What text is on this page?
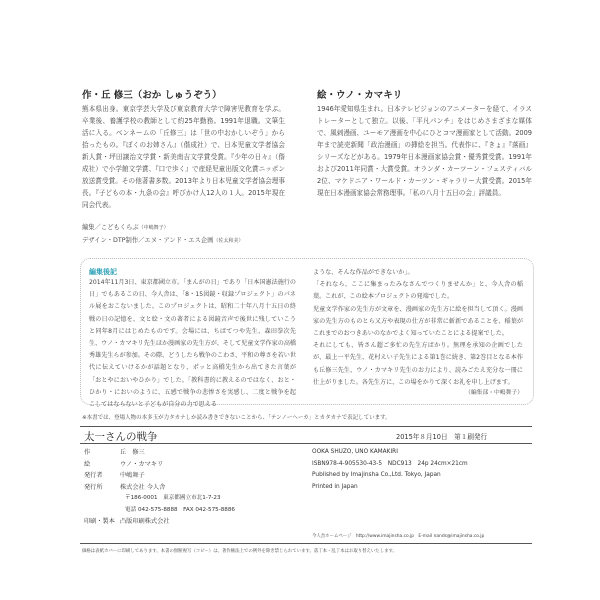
作・丘 修三（おか しゅうぞう）
熊本県出身。東京学芸大学及び東京教育大学で障害児教育を学ぶ。卒業後、養護学校の教師として約25年勤務。1991年退職。文筆生活に入る。ベンネームの「丘修三」は「世の中おかしいぞう」から拾ったもの。『ぼくのお姉さん』（偕成社）で、日本児童文学者協会新人賞・坪田譲治文学賞・新美南吉文学賞受賞。『少年の日々』（偕成社）で小学館文学賞、『口で歩く』で産経児童出版文化賞ニッポン放送賞受賞。その他著書多数。2013年より日本児童文学者協会理事長。『子どもの本・九条の会』呼びかけ人12人の１人。2015年現在同会代表。
絵・ウノ・カマキリ
1946年愛知県生まれ。日本テレビジョンのアニメーターを経て、イラストレーターとして独立。以後、「平凡パンチ」をはじめさまざまな媒体で、風刺漫画、ユーモア漫画を中心にひとコマ漫画家として活動。2009年まで読売新聞「政治漫画」の挿絵を担当。代表作に、『きょ』『落画』シリーズなどがある。1979年日本漫画家協会賞・優秀賞受賞。1991年および2011年同賞・大賞受賞。オランダ・カーツーン・フェスティバル2位、マケドニア・ワールド・カーツン・ギャラリー大賞受賞。2015年現在日本漫画家協会常務理事。「私の八月十五日の会」評議員。
編集／こどもくらぶ（中嶋舞子）
デザイン・DTP制作／エヌ・アンド・エス企画（佐太和美）
編集後記
2014年11月3日、東京都國立市。「まんがの日」であり「日本国憲法施行の日」でもあるこの日、今人舎は、「8・15図鏡・収録プロジェクト」のパネル展をおこないました。このプロジェクトは、昭和二十年八月十五日の終戦の日の記憶を、文と絵・文の著者による図鏡音声で後世に残していこうと同年8月にはじめたものです。会場には、ちばてつや先生、森田拳次先生、ウノ・カマキリ先生ほか漫画家の先生方が、そして児童文学作家の高橋秀雄先生らが参加。その際、どうしたら戦争のこわさ、平和の尊さを若い世代に伝えていけるかが話題となり、ポッと高橋先生から出てきた言葉が「おとやにおいやひかり」でした。「教科書的に教えるのではなく、おと・ひかり・においのように、五感で戦争の悲惨さを実感し、二度と戦争を起こしてはならないと子どもが自分の力で思える
ような、そんな作品ができないか」。
「それなら、ここに集まったみなさんでつくりませんか」と、今人舎の稲葉。これが、この絵本プロジェクトの発端でした。
児童文学作家の先生方が文章を、漫画家の先生方に絵を担当して頂く。漫画家の先生方のものとら又方や表現の仕方が非常に斬新であることを、稲葉がこれまでのおつきあいのなかでよく知っていたことによる提案でした。
それにしても、皆さん超ご多忙の先生方ばかり。無理を承知の企画でしたが、最上一平先生、花村えい子先生による第1巻に続き、第2巻目となる本作も丘修三先生、ウノ・カマキリ先生のお力により、読みごたえ充分な一冊に仕上がりました。各先生方に、この場をかりて深くお礼を申し上げます。
（編集部・中嶋舞子）
※本書では、登場人物の本多玉が力タカナしか読み書きできないことから、「テンノーヘーカ」とカタカナで表記しています。
太一さんの戦争	2015年８月10日　第１刷発行
作	丘　修三
絵	ウノ・カマキリ
発行者	中嶋舞子
発行所	株式会社 今人舎
〒186-0001　東京都國立市北1-7-23
電話 042-575-8888　FAX 042-575-8886
印刷・製本 凸版印刷株式会社
OOKA SHUZO, UNO KAMAKIRI
ISBN978-4-905530-43-5　NDC913　24p 24cm×21cm
Published by Imajinsha Co.,Ltd. Tokyo, Japan
Printed in Japan
今人舎ホームページ　http://www.imajinsha.co.jp　E-mail nands@imajinsha.co.jp
価格は表紙カバーに印刷してあります。本書の無断複写（コピー）は、著作権法上での例外を除き禁じられています。落丁本・乱丁本はお取り替えいたします。
